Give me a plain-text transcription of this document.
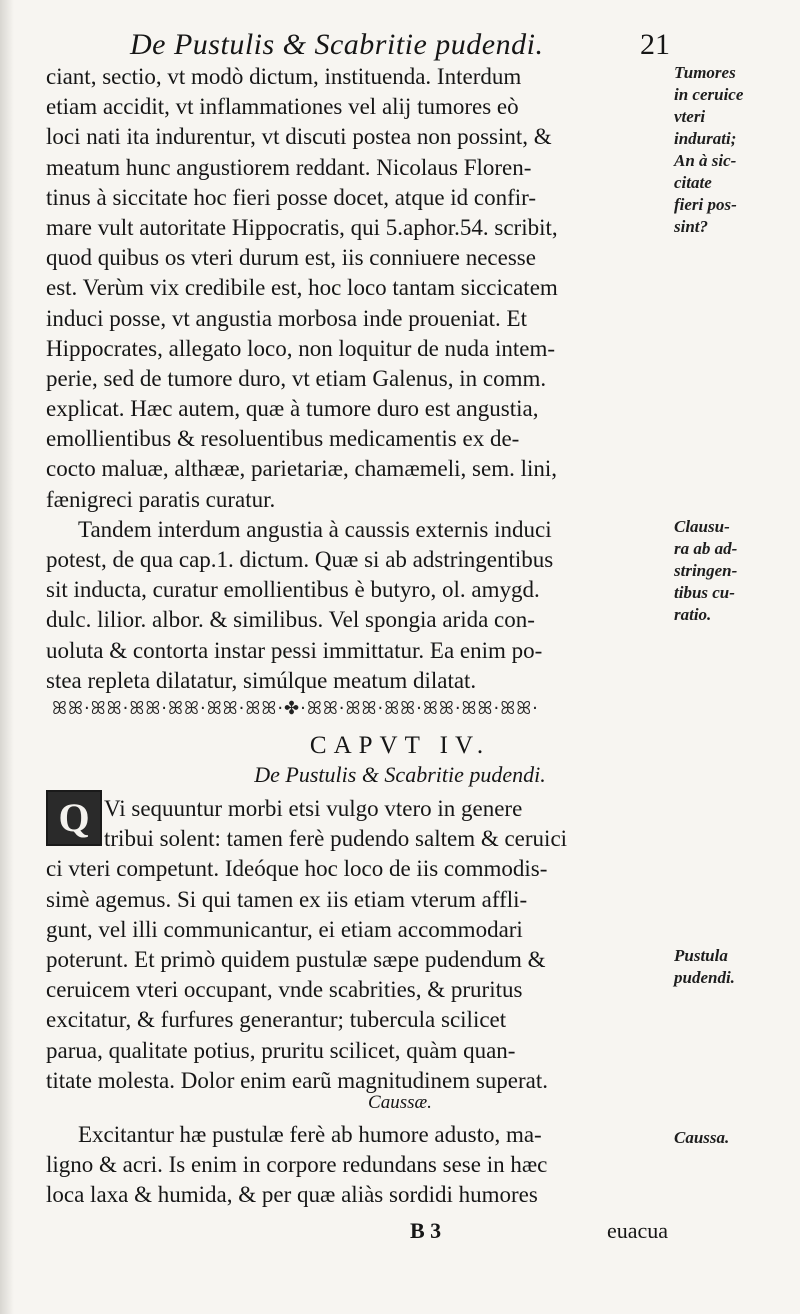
De Pustulis & Scabritie pudendi.	21
ciant, sectio, vt modò dictum, instituenda. Interdum
etiam accidit, vt inflammationes vel alij tumores eò
loci nati ita indurentur, vt discuti postea non possint, &
meatum hunc angustiorem reddant. Nicolaus Floren-
tinus à siccitate hoc fieri posse docet, atque id confir-
mare vult autoritate Hippocratis, qui 5.aphor.54. scribit,
quod quibus os vteri durum est, iis conniuere necesse
est. Verùm vix credibile est, hoc loco tantam siccicatem
induci posse, vt angustia morbosa inde proueniat. Et
Hippocrates, allegato loco, non loquitur de nuda intem-
perie, sed de tumore duro, vt etiam Galenus, in comm.
explicat. Hæc autem, quæ à tumore duro est angustia,
emollientibus & resoluentibus medicamentis ex de-
cocto maluæ, althææ, parietariæ, chamæmeli, sem. lini,
fænigreci paratis curatur.
Tandem interdum angustia à caussis externis induci
potest, de qua cap.1. dictum. Quæ si ab adstringentibus
sit inducta, curatur emollientibus è butyro, ol. amygd.
dulc. lilior. albor. & similibus. Vel spongia arida con-
uoluta & contorta instar pessi immittatur. Ea enim po-
stea repleta dilatatur, simúlque meatum dilatat.
ꕤꕤ·ꕤꕤ·ꕤꕤ·ꕤꕤ·ꕤꕤ·ꕤꕤ·✤·ꕤꕤ·ꕤꕤ·ꕤꕤ·ꕤꕤ·ꕤꕤ·ꕤꕤ·
CAPVT IV.
De Pustulis & Scabritie pudendi.
Q Vi sequuntur morbi etsi vulgo vtero in genere
tribui solent: tamen ferè pudendo saltem & ceruici
ci vteri competunt. Ideóque hoc loco de iis commodis-
simè agemus. Si qui tamen ex iis etiam vterum affli-
gunt, vel illi communicantur, ei etiam accommodari
poterunt. Et primò quidem pustulæ sæpe pudendum &
ceruicem vteri occupant, vnde scabrities, & pruritus
excitatur, & furfures generantur; tubercula scilicet
parua, qualitate potius, pruritu scilicet, quàm quan-
titate molesta. Dolor enim earũ magnitudinem superat.
Caussæ.
Excitantur hæ pustulæ ferè ab humore adusto, ma-
ligno & acri. Is enim in corpore redundans sese in hæc
loca laxa & humida, & per quæ aliàs sordidi humores
B 3	euacua
Tumores
in ceruice
vteri
indurati;
An à sic-
citate
fieri pos-
sint?
Clausu-
ra ab ad-
stringen-
tibus cu-
ratio.
Pustula
pudendi.
Caussa.
